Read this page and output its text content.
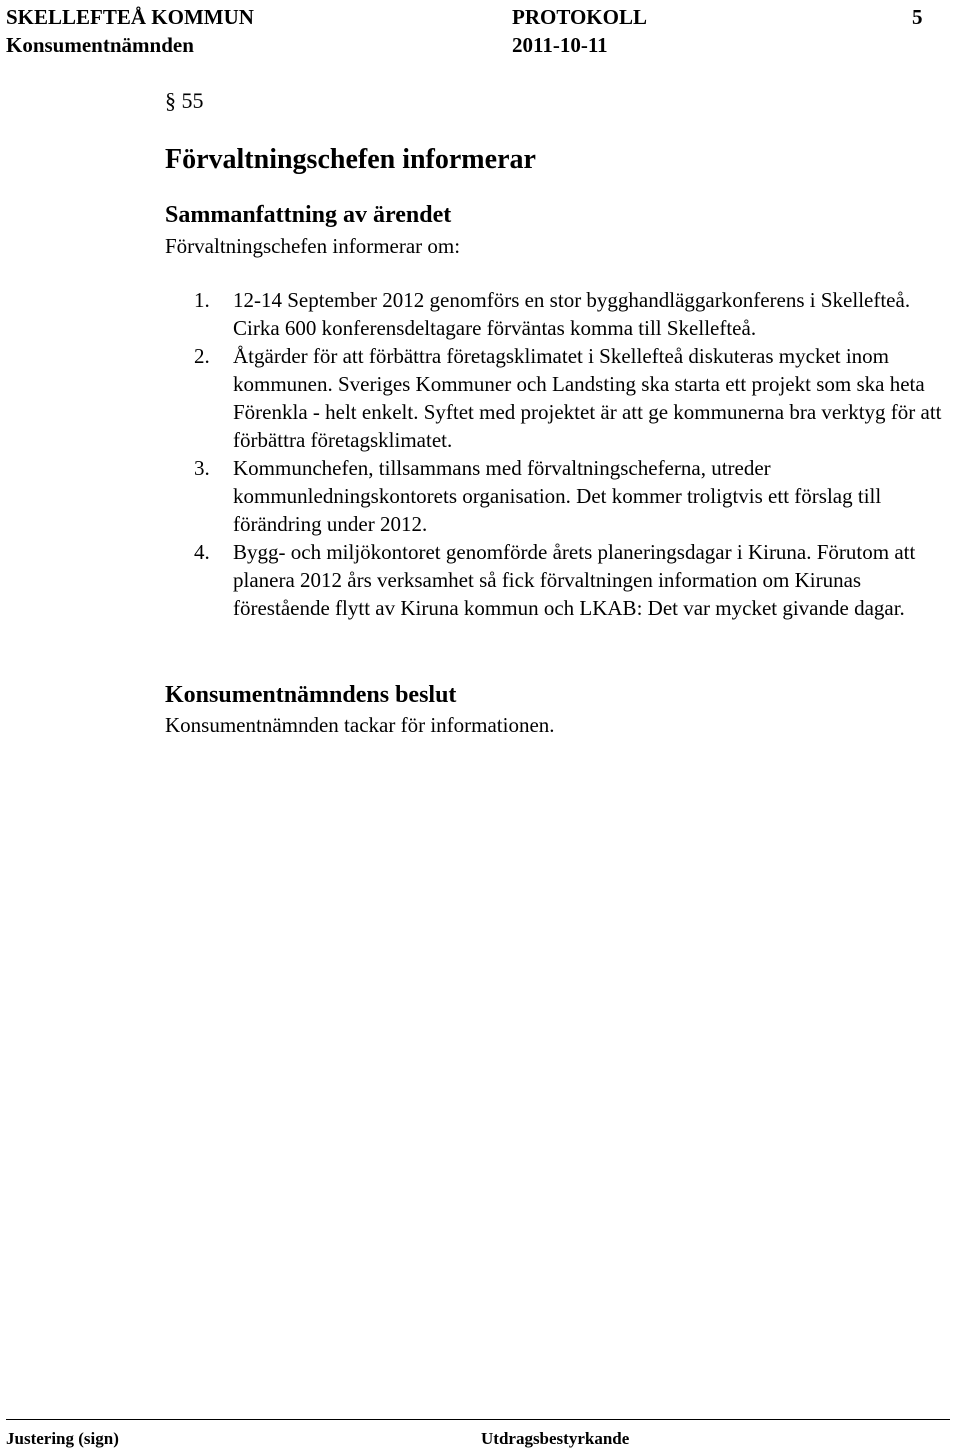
SKELLEFTEÅ KOMMUN
Konsumentnämnden
PROTOKOLL
2011-10-11
5
§ 55
Förvaltningschefen informerar
Sammanfattning av ärendet
Förvaltningschefen informerar om:
1. 12-14 September 2012 genomförs en stor bygghandläggarkonferens i Skellefteå. Cirka 600 konferensdeltagare förväntas komma till Skellefteå.
2. Åtgärder för att förbättra företagsklimatet i Skellefteå diskuteras mycket inom kommunen. Sveriges Kommuner och Landsting ska starta ett projekt som ska heta Förenkla - helt enkelt. Syftet med projektet är att ge kommunerna bra verktyg för att förbättra företagsklimatet.
3. Kommunchefen, tillsammans med förvaltningscheferna, utreder kommunledningskontorets organisation. Det kommer troligtvis ett förslag till förändring under 2012.
4. Bygg- och miljökontoret genomförde årets planeringsdagar i Kiruna. Förutom att planera 2012 års verksamhet så fick förvaltningen information om Kirunas förestående flytt av Kiruna kommun och LKAB: Det var mycket givande dagar.
Konsumentnämndens beslut
Konsumentnämnden tackar för informationen.
Justering (sign)	Utdragsbestyrkande
